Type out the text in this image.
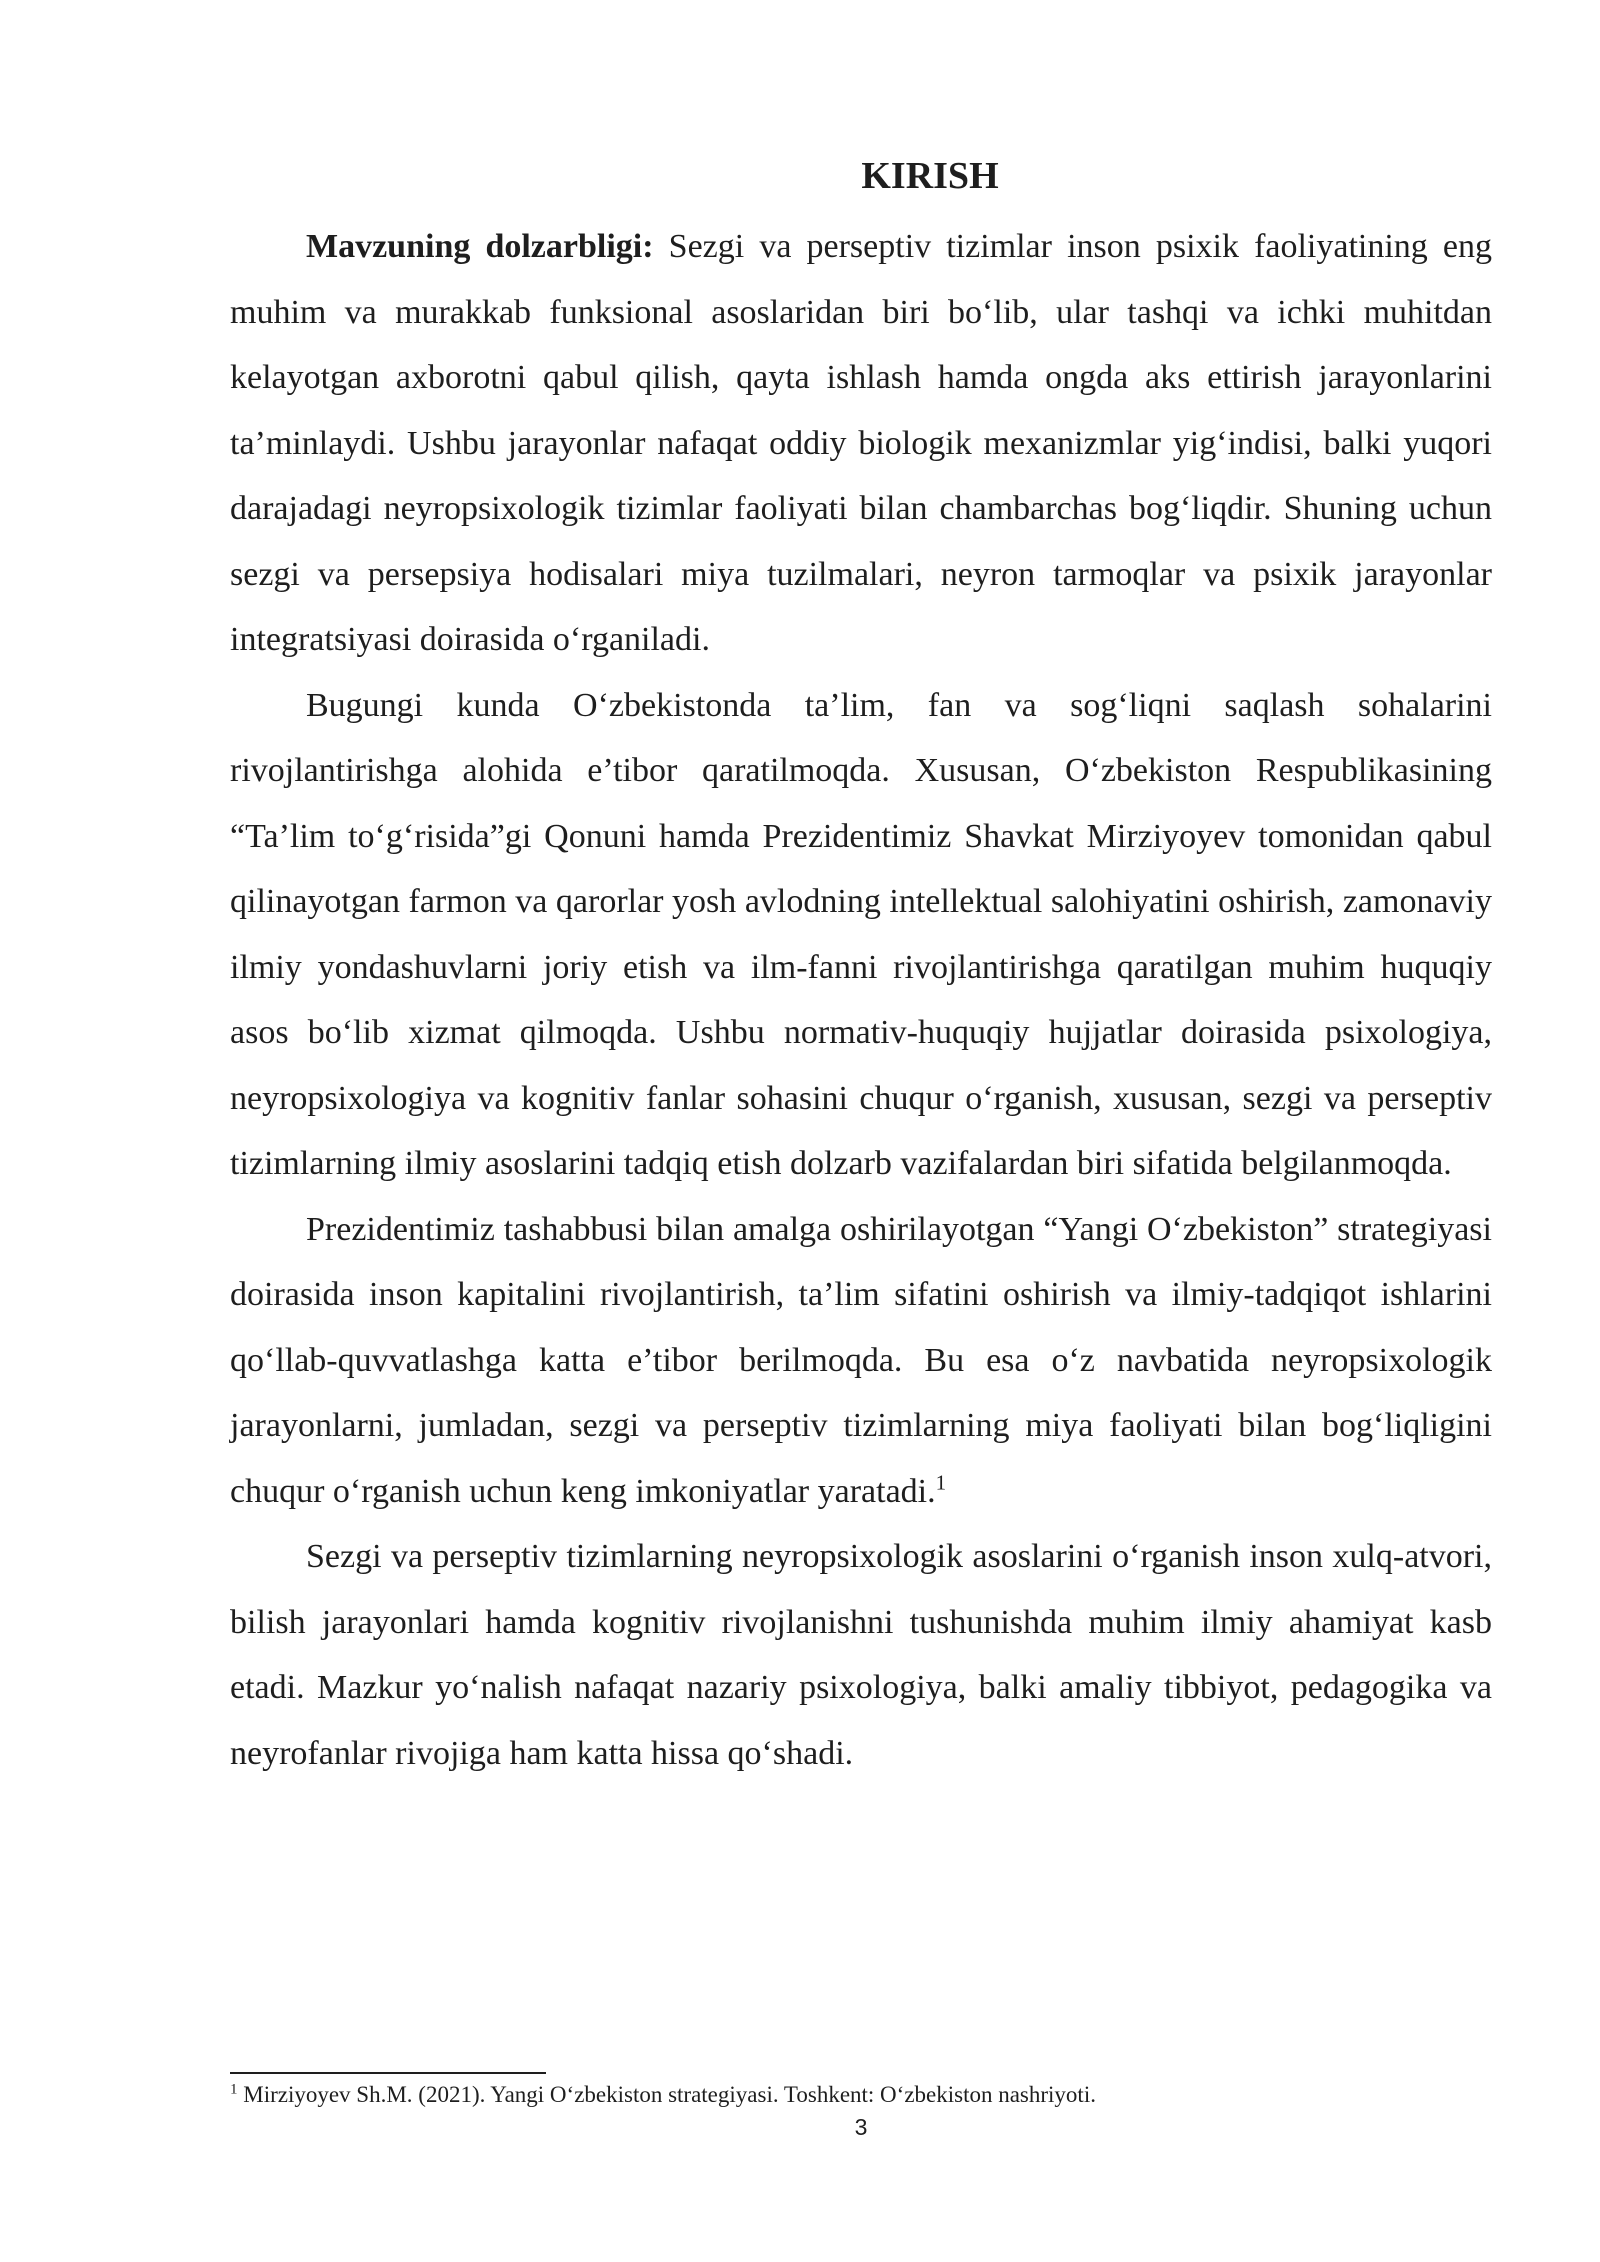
KIRISH

Mavzuning dolzarbligi: Sezgi va perseptiv tizimlar inson psixik faoliyatining eng muhim va murakkab funksional asoslaridan biri bo‘lib, ular tashqi va ichki muhitdan kelayotgan axborotni qabul qilish, qayta ishlash hamda ongda aks ettirish jarayonlarini ta’minlaydi. Ushbu jarayonlar nafaqat oddiy biologik mexanizmlar yig‘indisi, balki yuqori darajadagi neyropsixologik tizimlar faoliyati bilan chambarchas bog‘liqdir. Shuning uchun sezgi va persepsiya hodisalari miya tuzilmalari, neyron tarmoqlar va psixik jarayonlar integratsiyasi doirasida o‘rganiladi.

Bugungi kunda O‘zbekistonda ta’lim, fan va sog‘liqni saqlash sohalarini rivojlantirishga alohida e’tibor qaratilmoqda. Xususan, O‘zbekiston Respublikasining “Ta’lim to‘g‘risida”gi Qonuni hamda Prezidentimiz Shavkat Mirziyoyev tomonidan qabul qilinayotgan farmon va qarorlar yosh avlodning intellektual salohiyatini oshirish, zamonaviy ilmiy yondashuvlarni joriy etish va ilm-fanni rivojlantirishga qaratilgan muhim huquqiy asos bo‘lib xizmat qilmoqda. Ushbu normativ-huquqiy hujjatlar doirasida psixologiya, neyropsixologiya va kognitiv fanlar sohasini chuqur o‘rganish, xususan, sezgi va perseptiv tizimlarning ilmiy asoslarini tadqiq etish dolzarb vazifalardan biri sifatida belgilanmoqda.

Prezidentimiz tashabbusi bilan amalga oshirilayotgan “Yangi O‘zbekiston” strategiyasi doirasida inson kapitalini rivojlantirish, ta’lim sifatini oshirish va ilmiy-tadqiqot ishlarini qo‘llab-quvvatlashga katta e’tibor berilmoqda. Bu esa o‘z navbatida neyropsixologik jarayonlarni, jumladan, sezgi va perseptiv tizimlarning miya faoliyati bilan bog‘liqligini chuqur o‘rganish uchun keng imkoniyatlar yaratadi.$^1$

Sezgi va perseptiv tizimlarning neyropsixologik asoslarini o‘rganish inson xulq-atvori, bilish jarayonlari hamda kognitiv rivojlanishni tushunishda muhim ilmiy ahamiyat kasb etadi. Mazkur yo‘nalish nafaqat nazariy psixologiya, balki amaliy tibbiyot, pedagogika va neyrofanlar rivojiga ham katta hissa qo‘shadi.

$^1$ Mirziyoyev Sh.M. (2021). Yangi O‘zbekiston strategiyasi. Toshkent: O‘zbekiston nashriyoti.
3
